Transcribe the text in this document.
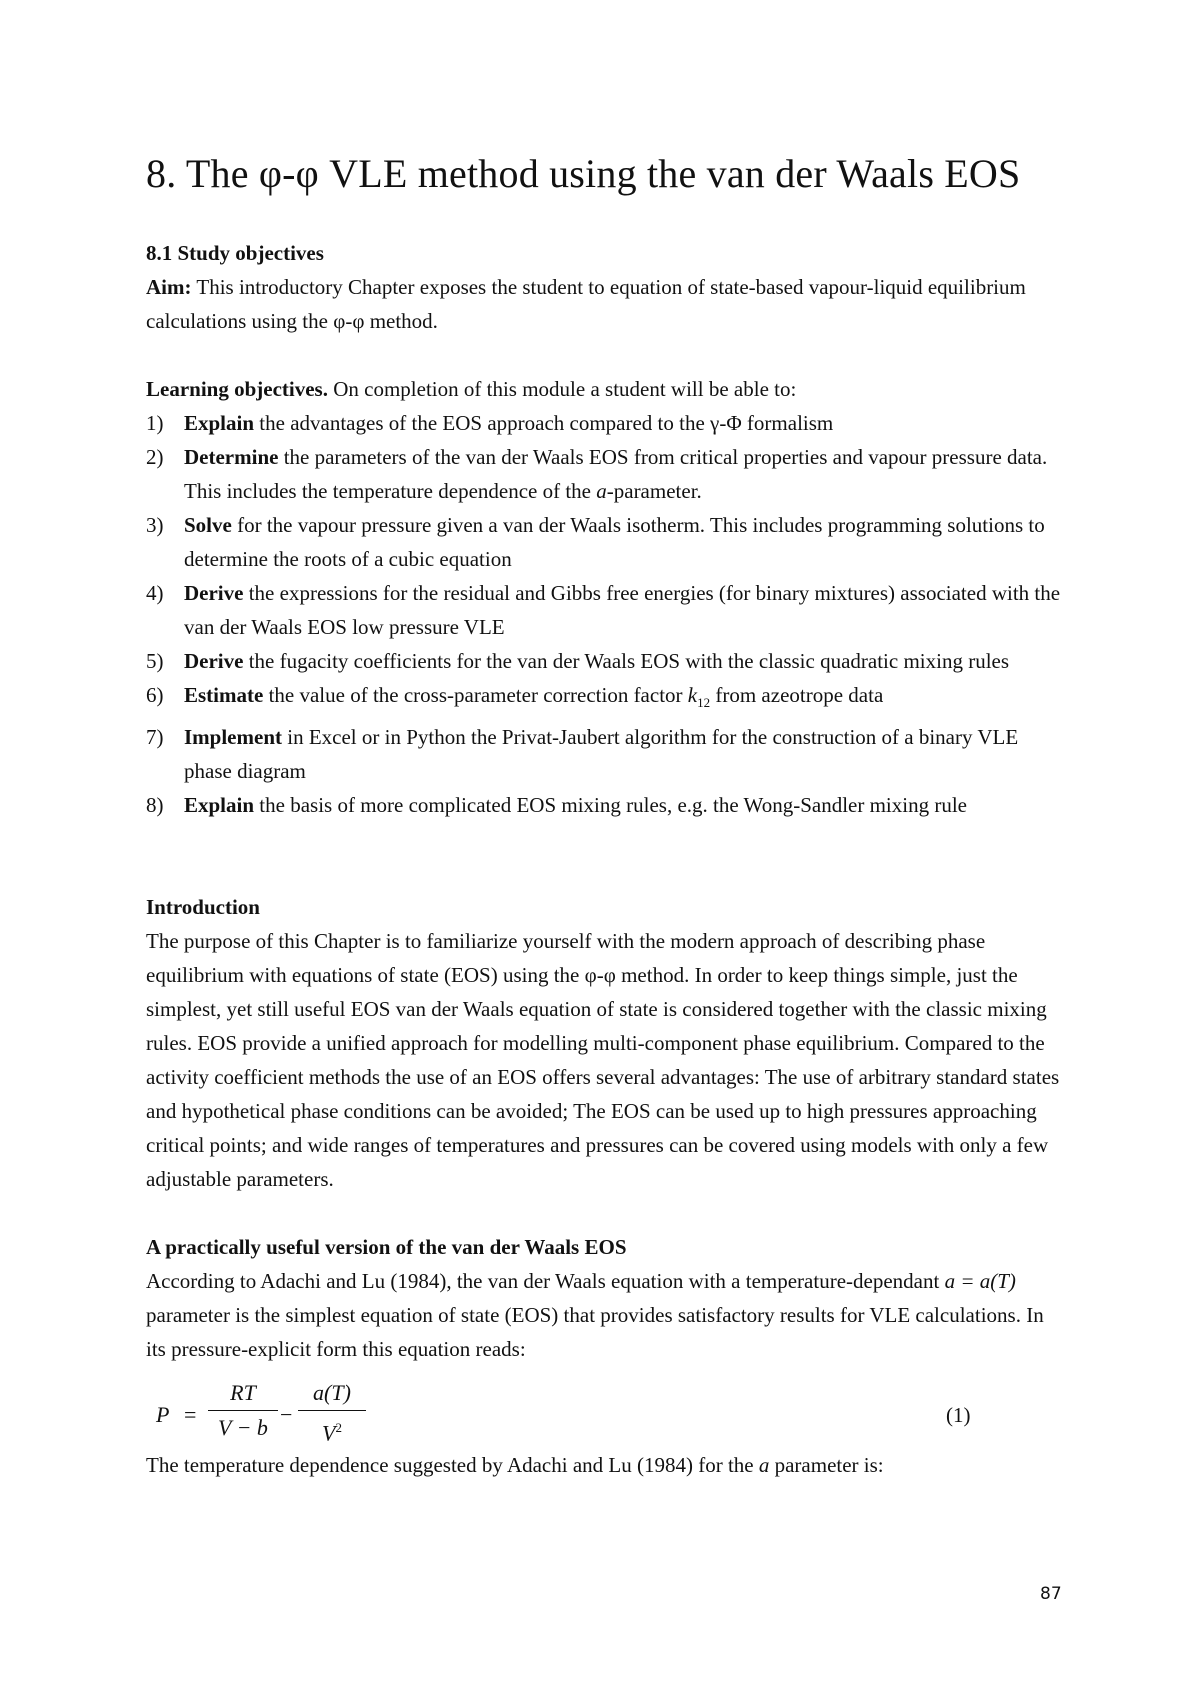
8. The φ-φ VLE method using the van der Waals EOS

8.1 Study objectives

Aim: This introductory Chapter exposes the student to equation of state-based vapour-liquid equilibrium calculations using the φ-φ method.

Learning objectives. On completion of this module a student will be able to:

1) Explain the advantages of the EOS approach compared to the γ-Φ formalism
2) Determine the parameters of the van der Waals EOS from critical properties and vapour pressure data. This includes the temperature dependence of the a-parameter.
3) Solve for the vapour pressure given a van der Waals isotherm. This includes programming solutions to determine the roots of a cubic equation
4) Derive the expressions for the residual and Gibbs free energies (for binary mixtures) associated with the van der Waals EOS low pressure VLE
5) Derive the fugacity coefficients for the van der Waals EOS with the classic quadratic mixing rules
6) Estimate the value of the cross-parameter correction factor $k_{12}$ from azeotrope data
7) Implement in Excel or in Python the Privat-Jaubert algorithm for the construction of a binary VLE phase diagram
8) Explain the basis of more complicated EOS mixing rules, e.g. the Wong-Sandler mixing rule

Introduction

The purpose of this Chapter is to familiarize yourself with the modern approach of describing phase equilibrium with equations of state (EOS) using the φ-φ method. In order to keep things simple, just the simplest, yet still useful EOS van der Waals equation of state is considered together with the classic mixing rules. EOS provide a unified approach for modelling multi-component phase equilibrium. Compared to the activity coefficient methods the use of an EOS offers several advantages: The use of arbitrary standard states and hypothetical phase conditions can be avoided; The EOS can be used up to high pressures approaching critical points; and wide ranges of temperatures and pressures can be covered using models with only a few adjustable parameters.

A practically useful version of the van der Waals EOS

According to Adachi and Lu (1984), the van der Waals equation with a temperature-dependant a = a(T) parameter is the simplest equation of state (EOS) that provides satisfactory results for VLE calculations. In its pressure-explicit form this equation reads:

$P = \frac{RT}{V - b} - \frac{a(T)}{V^2}$	(1)

The temperature dependence suggested by Adachi and Lu (1984) for the a parameter is:

87
